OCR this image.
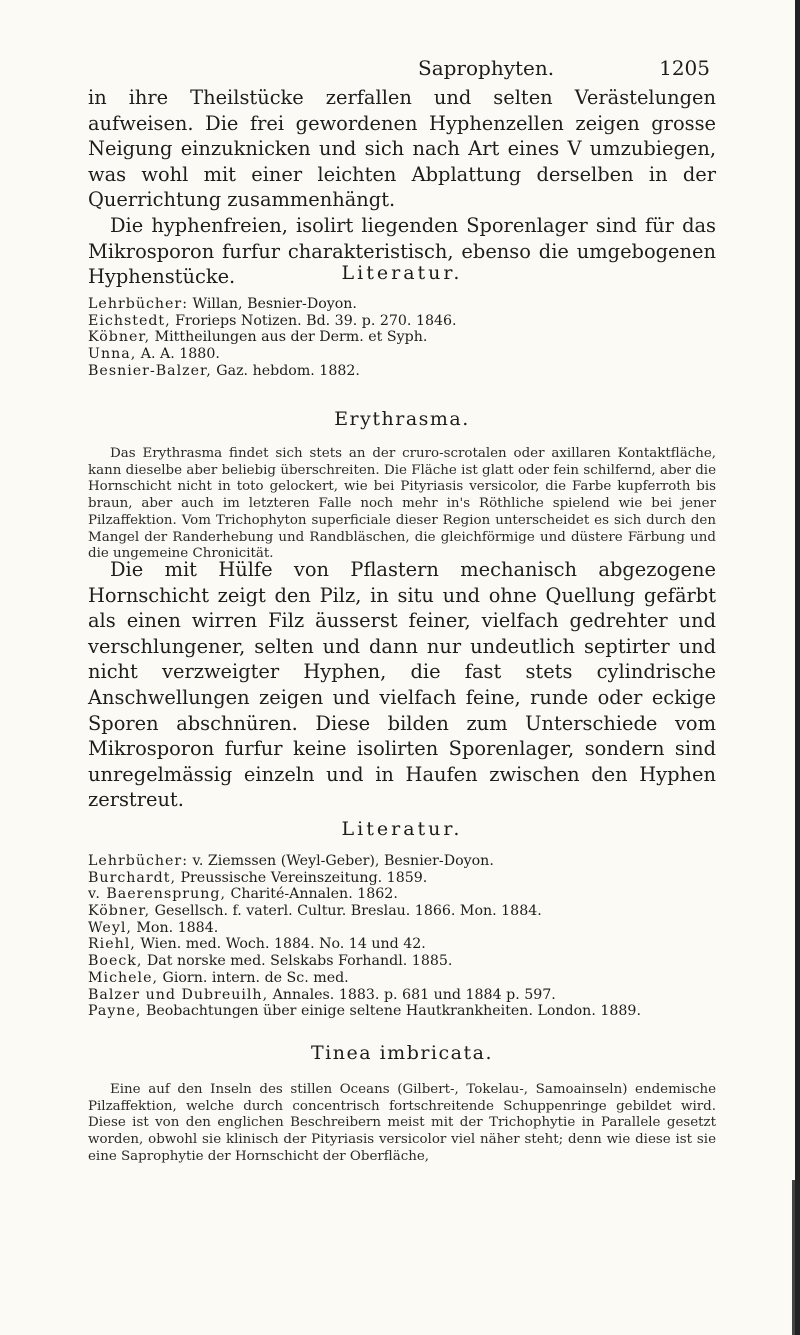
Saprophyten.	1205

in ihre Theilstücke zerfallen und selten Verästelungen aufweisen. Die frei gewordenen Hyphenzellen zeigen grosse Neigung einzuknicken und sich nach Art eines V umzubiegen, was wohl mit einer leichten Abplattung derselben in der Querrichtung zusammenhängt.

Die hyphenfreien, isolirt liegenden Sporenlager sind für das Mikrosporon furfur charakteristisch, ebenso die umgebogenen Hyphenstücke.	Literatur.
Lehrbücher: Willan, Besnier-Doyon.
Eichstedt, Frorieps Notizen. Bd. 39. p. 270. 1846.
Köbner, Mittheilungen aus der Derm. et Syph.
Unna, A. A. 1880.
Besnier-Balzer, Gaz. hebdom. 1882.
Erythrasma.

Das Erythrasma findet sich stets an der cruro-scrotalen oder axillaren Kontaktfläche, kann dieselbe aber beliebig überschreiten. Die Fläche ist glatt oder fein schilfernd, aber die Hornschicht nicht in toto gelockert, wie bei Pityriasis versicolor, die Farbe kupferroth bis braun, aber auch im letzteren Falle noch mehr in's Röthliche spielend wie bei jener Pilzaffektion. Vom Trichophyton superficiale dieser Region unterscheidet es sich durch den Mangel der Randerhebung und Randbläschen, die gleichförmige und düstere Färbung und die ungemeine Chronicität.

Die mit Hülfe von Pflastern mechanisch abgezogene Hornschicht zeigt den Pilz, in situ und ohne Quellung gefärbt als einen wirren Filz äusserst feiner, vielfach gedrehter und verschlungener, selten und dann nur undeutlich septirter und nicht verzweigter Hyphen, die fast stets cylindrische Anschwellungen zeigen und vielfach feine, runde oder eckige Sporen abschnüren. Diese bilden zum Unterschiede vom Mikrosporon furfur keine isolirten Sporenlager, sondern sind unregelmässig einzeln und in Haufen zwischen den Hyphen zerstreut.

Literatur.
Lehrbücher: v. Ziemssen (Weyl-Geber), Besnier-Doyon.
Burchardt, Preussische Vereinszeitung. 1859.
v. Baerensprung, Charité-Annalen. 1862.
Köbner, Gesellsch. f. vaterl. Cultur. Breslau. 1866. Mon. 1884.
Weyl, Mon. 1884.
Riehl, Wien. med. Woch. 1884. No. 14 und 42.
Boeck, Dat norske med. Selskabs Forhandl. 1885.
Michele, Giorn. intern. de Sc. med.
Balzer und Dubreuilh, Annales. 1883. p. 681 und 1884 p. 597.
Payne, Beobachtungen über einige seltene Hautkrankheiten. London. 1889.
Tinea imbricata.

Eine auf den Inseln des stillen Oceans (Gilbert-, Tokelau-, Samoainseln) endemische Pilzaffektion, welche durch concentrisch fortschreitende Schuppenringe gebildet wird. Diese ist von den englichen Beschreibern meist mit der Trichophytie in Parallele gesetzt worden, obwohl sie klinisch der Pityriasis versicolor viel näher steht; denn wie diese ist sie eine Saprophytie der Hornschicht der Oberfläche,
